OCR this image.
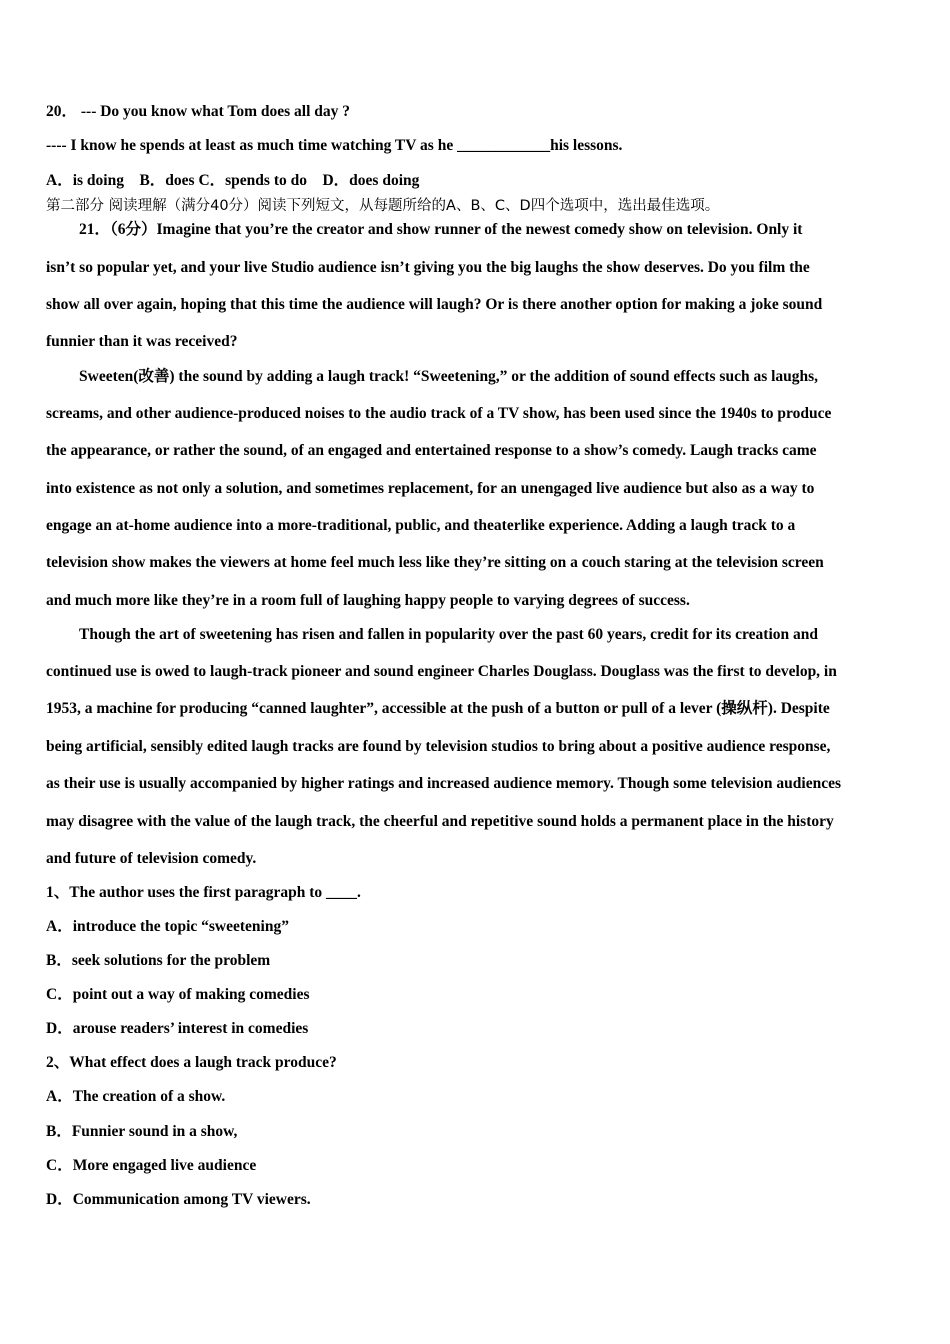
20． --- Do you know what Tom does all day ?
---- I know he spends at least as much time watching TV as he ____________his lessons.
A．is doing　B．does C．spends to do　D．does doing
第二部分 阅读理解（满分40分）阅读下列短文，从每题所给的A、B、C、D四个选项中，选出最佳选项。
21．（6分）Imagine that you’re the creator and show runner of the newest comedy show on television. Only it
isn’t so popular yet, and your live Studio audience isn’t giving you the big laughs the show deserves. Do you film the
show all over again, hoping that this time the audience will laugh? Or is there another option for making a joke sound
funnier than it was received?
Sweeten(改善) the sound by adding a laugh track! “Sweetening,” or the addition of sound effects such as laughs,
screams, and other audience-produced noises to the audio track of a TV show, has been used since the 1940s to produce
the appearance, or rather the sound, of an engaged and entertained response to a show’s comedy. Laugh tracks came
into existence as not only a solution, and sometimes replacement, for an unengaged live audience but also as a way to
engage an at-home audience into a more-traditional, public, and theaterlike experience. Adding a laugh track to a
television show makes the viewers at home feel much less like they’re sitting on a couch staring at the television screen
and much more like they’re in a room full of laughing happy people to varying degrees of success.
Though the art of sweetening has risen and fallen in popularity over the past 60 years, credit for its creation and
continued use is owed to laugh-track pioneer and sound engineer Charles Douglass. Douglass was the first to develop, in
1953, a machine for producing “canned laughter”, accessible at the push of a button or pull of a lever (操纵杆). Despite
being artificial, sensibly edited laugh tracks are found by television studios to bring about a positive audience response,
as their use is usually accompanied by higher ratings and increased audience memory. Though some television audiences
may disagree with the value of the laugh track, the cheerful and repetitive sound holds a permanent place in the history
and future of television comedy.
1、The author uses the first paragraph to ____.
A．introduce the topic “sweetening”
B．seek solutions for the problem
C．point out a way of making comedies
D．arouse readers’ interest in comedies
2、What effect does a laugh track produce?
A．The creation of a show.
B．Funnier sound in a show,
C．More engaged live audience
D．Communication among TV viewers.
